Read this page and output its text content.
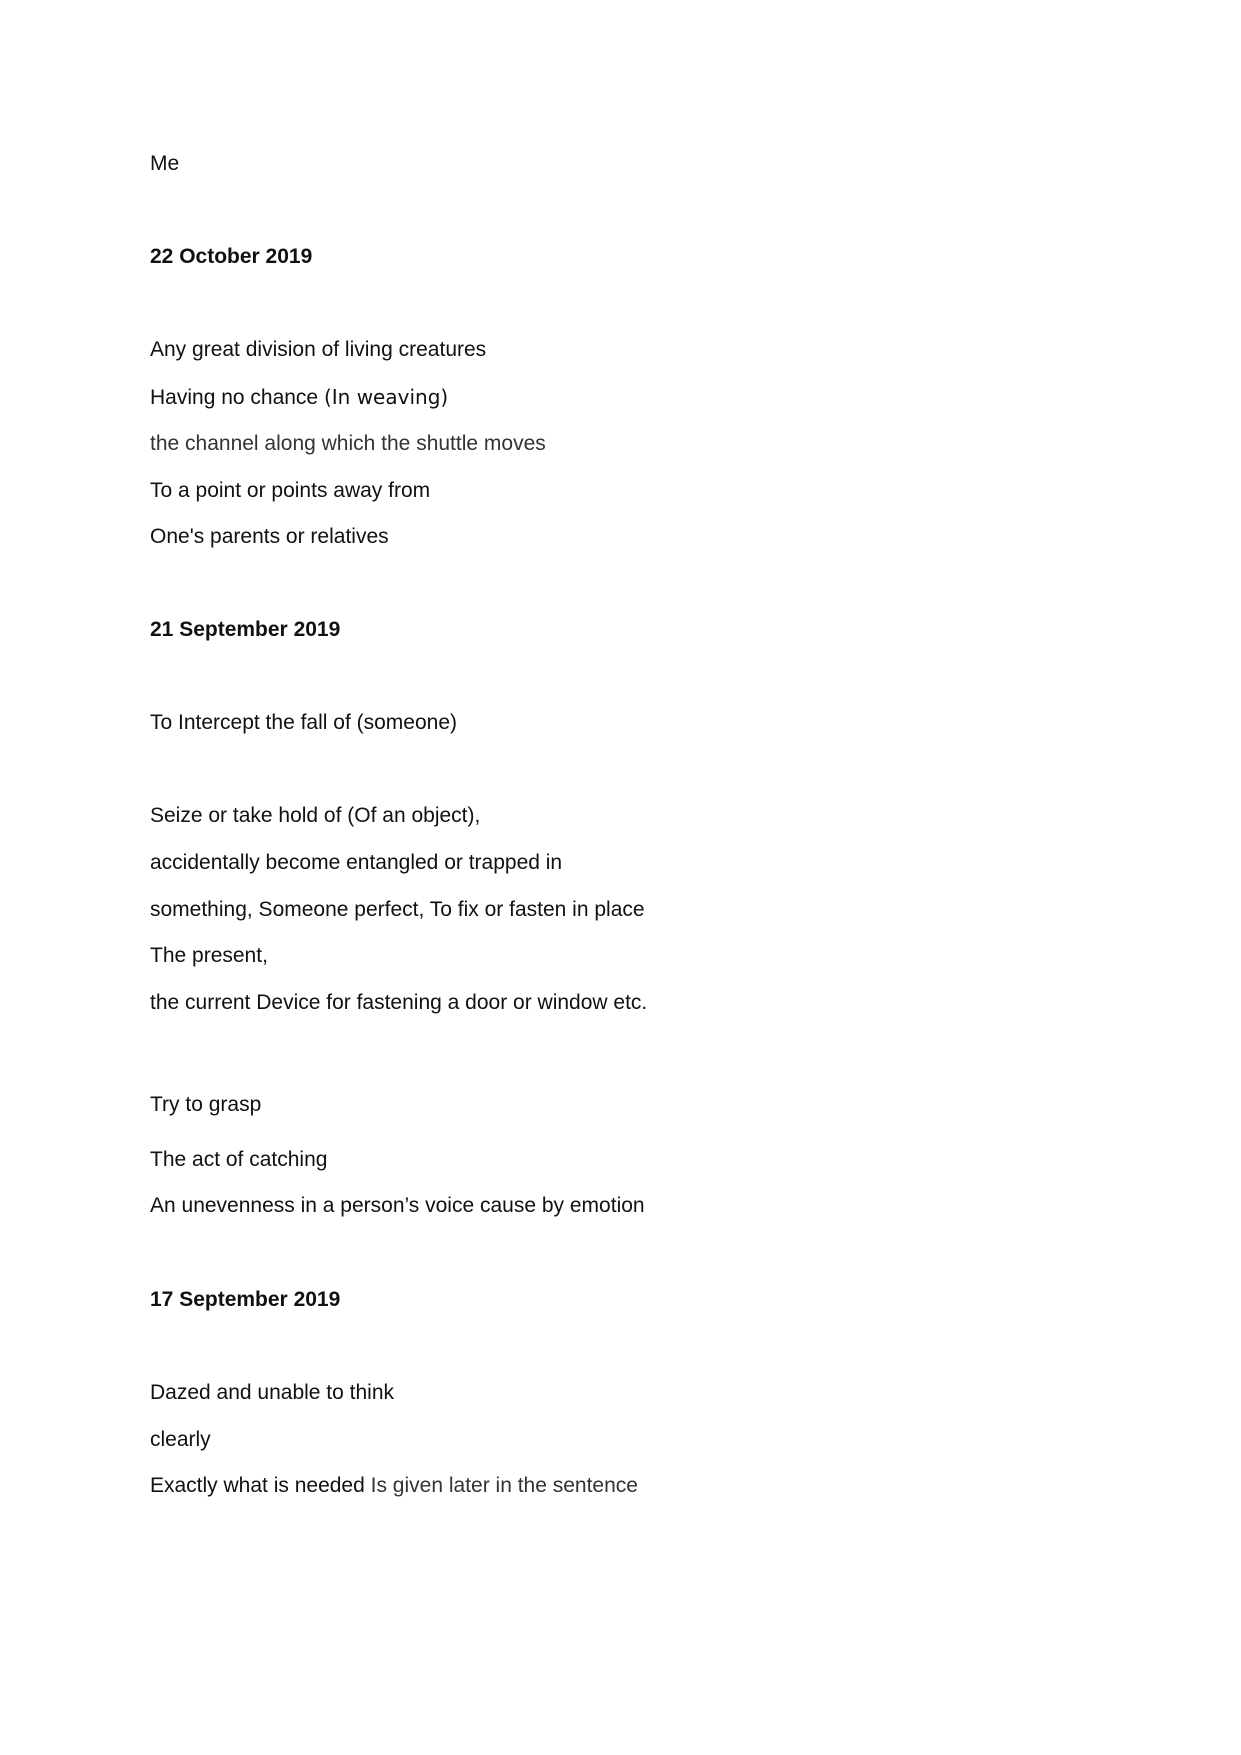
Me
22 October 2019
Any great division of living creatures
Having no chance (In weaving)
the channel along which the shuttle moves
To a point or points away from
One's parents or relatives
21 September 2019
To Intercept the fall of (someone)
Seize or take hold of (Of an object),
accidentally become entangled or trapped in
something, Someone perfect, To fix or fasten in place
The present,
the current Device for fastening a door or window etc.
Try to grasp
The act of catching
An unevenness in a person’s voice cause by emotion
17 September 2019
Dazed and unable to think
clearly
Exactly what is needed Is given later in the sentence
